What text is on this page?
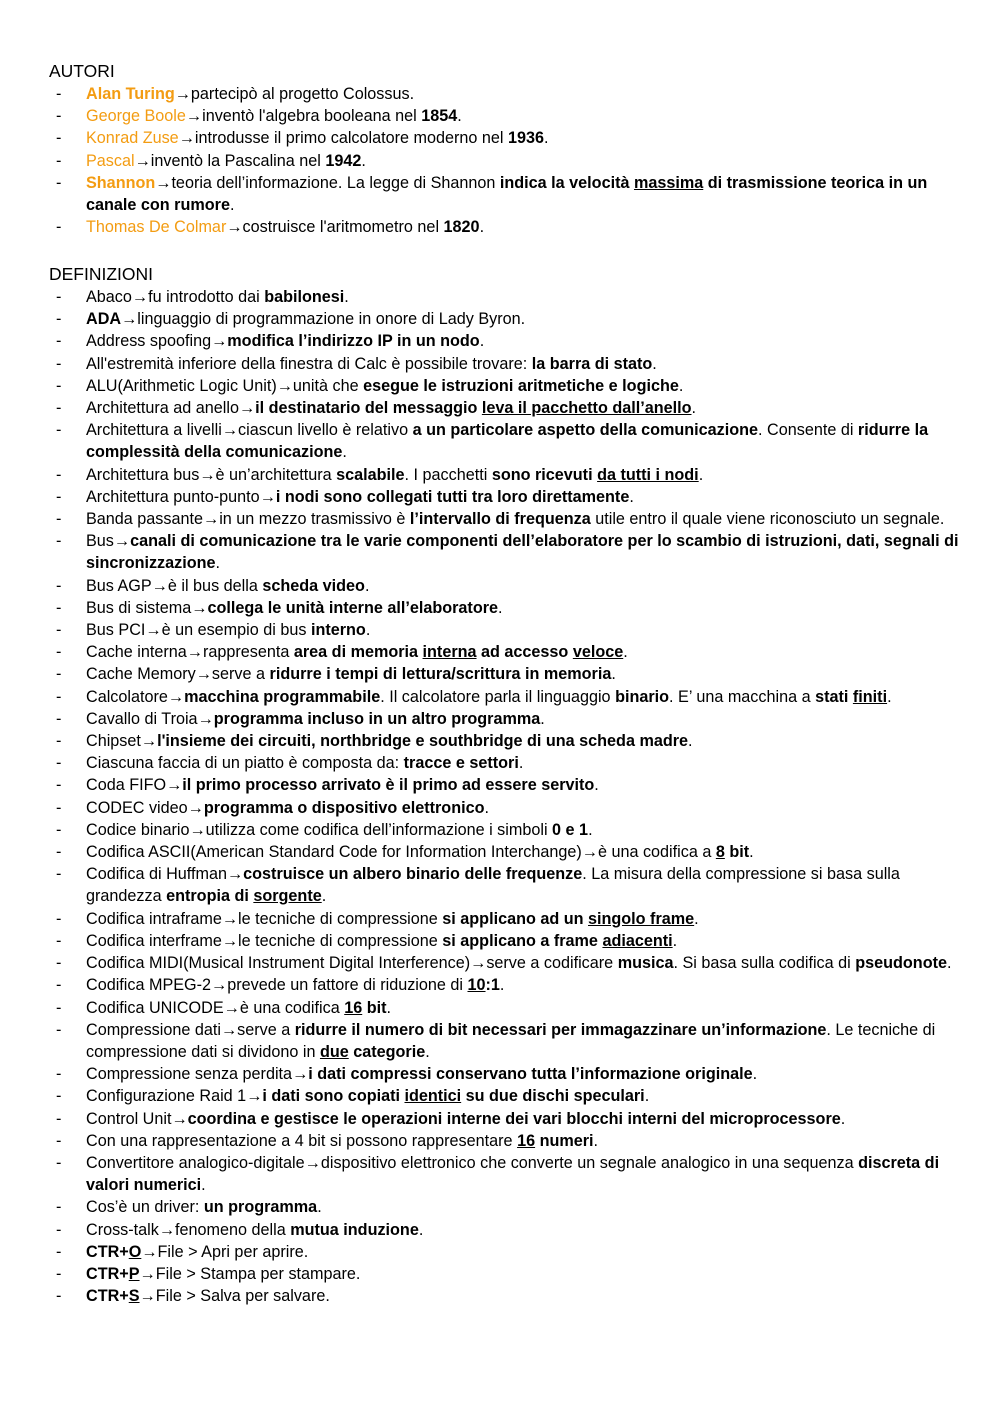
AUTORI
- Alan Turing→partecipò al progetto Colossus.
- George Boole→inventò l'algebra booleana nel 1854.
- Konrad Zuse→introdusse il primo calcolatore moderno nel 1936.
- Pascal→inventò la Pascalina nel 1942.
- Shannon→teoria dell’informazione. La legge di Shannon indica la velocità massima di trasmissione teorica in un canale con rumore.
- Thomas De Colmar→costruisce l'aritmometro nel 1820.
DEFINIZIONI
- Abaco→fu introdotto dai babilonesi.
- ADA→linguaggio di programmazione in onore di Lady Byron.
- Address spoofing→modifica l’indirizzo IP in un nodo.
- All'estremità inferiore della finestra di Calc è possibile trovare: la barra di stato.
- ALU(Arithmetic Logic Unit)→unità che esegue le istruzioni aritmetiche e logiche.
- Architettura ad anello→il destinatario del messaggio leva il pacchetto dall’anello.
- Architettura a livelli→ciascun livello è relativo a un particolare aspetto della comunicazione. Consente di ridurre la complessità della comunicazione.
- Architettura bus→è un’architettura scalabile. I pacchetti sono ricevuti da tutti i nodi.
- Architettura punto-punto→i nodi sono collegati tutti tra loro direttamente.
- Banda passante→in un mezzo trasmissivo è l’intervallo di frequenza utile entro il quale viene riconosciuto un segnale.
- Bus→canali di comunicazione tra le varie componenti dell’elaboratore per lo scambio di istruzioni, dati, segnali di sincronizzazione.
- Bus AGP→è il bus della scheda video.
- Bus di sistema→collega le unità interne all’elaboratore.
- Bus PCI→è un esempio di bus interno.
- Cache interna→rappresenta area di memoria interna ad accesso veloce.
- Cache Memory→serve a ridurre i tempi di lettura/scrittura in memoria.
- Calcolatore→macchina programmabile. Il calcolatore parla il linguaggio binario. E’ una macchina a stati finiti.
- Cavallo di Troia→programma incluso in un altro programma.
- Chipset→l'insieme dei circuiti, northbridge e southbridge di una scheda madre.
- Ciascuna faccia di un piatto è composta da: tracce e settori.
- Coda FIFO→il primo processo arrivato è il primo ad essere servito.
- CODEC video→programma o dispositivo elettronico.
- Codice binario→utilizza come codifica dell’informazione i simboli 0 e 1.
- Codifica ASCII(American Standard Code for Information Interchange)→è una codifica a 8 bit.
- Codifica di Huffman→costruisce un albero binario delle frequenze. La misura della compressione si basa sulla grandezza entropia di sorgente.
- Codifica intraframe→le tecniche di compressione si applicano ad un singolo frame.
- Codifica interframe→le tecniche di compressione si applicano a frame adiacenti.
- Codifica MIDI(Musical Instrument Digital Interference)→serve a codificare musica. Si basa sulla codifica di pseudonote.
- Codifica MPEG-2→prevede un fattore di riduzione di 10:1.
- Codifica UNICODE→è una codifica 16 bit.
- Compressione dati→serve a ridurre il numero di bit necessari per immagazzinare un’informazione. Le tecniche di compressione dati si dividono in due categorie.
- Compressione senza perdita→i dati compressi conservano tutta l’informazione originale.
- Configurazione Raid 1→i dati sono copiati identici su due dischi speculari.
- Control Unit→coordina e gestisce le operazioni interne dei vari blocchi interni del microprocessore.
- Con una rappresentazione a 4 bit si possono rappresentare 16 numeri.
- Convertitore analogico-digitale→dispositivo elettronico che converte un segnale analogico in una sequenza discreta di valori numerici.
- Cos’è un driver: un programma.
- Cross-talk→fenomeno della mutua induzione.
- CTR+O→File > Apri per aprire.
- CTR+P→File > Stampa per stampare.
- CTR+S→File > Salva per salvare.
